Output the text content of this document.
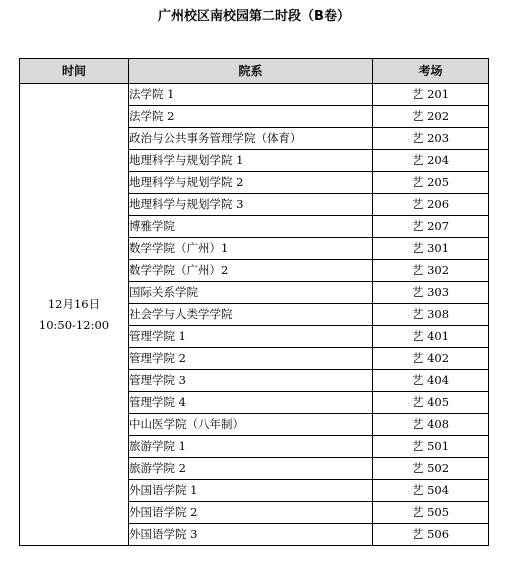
广州校区南校园第二时段（B卷）
时间	院系	考场

12月16日
10:50-12:00	法学院 1	艺 201
	法学院 2	艺 202
	政治与公共事务管理学院（体育）	艺 203
	地理科学与规划学院 1	艺 204
	地理科学与规划学院 2	艺 205
	地理科学与规划学院 3	艺 206
	博雅学院	艺 207
	数学学院（广州）1	艺 301
	数学学院（广州）2	艺 302
	国际关系学院	艺 303
	社会学与人类学学院	艺 308
	管理学院 1	艺 401
	管理学院 2	艺 402
	管理学院 3	艺 404
	管理学院 4	艺 405
	中山医学院（八年制）	艺 408
	旅游学院 1	艺 501
	旅游学院 2	艺 502
	外国语学院 1	艺 504
	外国语学院 2	艺 505
	外国语学院 3	艺 506
